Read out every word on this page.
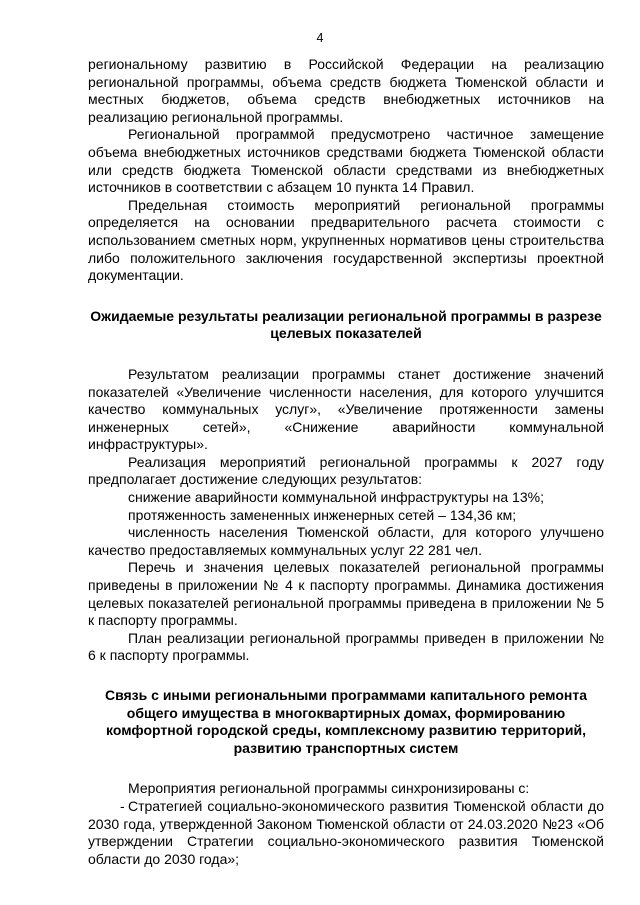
4

региональному развитию в Российской Федерации на реализацию региональной программы, объема средств бюджета Тюменской области и местных бюджетов, объема средств внебюджетных источников на реализацию региональной программы.

Региональной программой предусмотрено частичное замещение объема внебюджетных источников средствами бюджета Тюменской области или средств бюджета Тюменской области средствами из внебюджетных источников в соответствии с абзацем 10 пункта 14 Правил.

Предельная стоимость мероприятий региональной программы определяется на основании предварительного расчета стоимости с использованием сметных норм, укрупненных нормативов цены строительства либо положительного заключения государственной экспертизы проектной документации.

Ожидаемые результаты реализации региональной программы в разрезе целевых показателей

Результатом реализации программы станет достижение значений показателей «Увеличение численности населения, для которого улучшится качество коммунальных услуг», «Увеличение протяженности замены инженерных сетей», «Снижение аварийности коммунальной инфраструктуры».

Реализация мероприятий региональной программы к 2027 году предполагает достижение следующих результатов:

снижение аварийности коммунальной инфраструктуры на 13%;

протяженность замененных инженерных сетей – 134,36 км;

численность населения Тюменской области, для которого улучшено качество предоставляемых коммунальных услуг 22 281 чел.

Перечь и значения целевых показателей региональной программы приведены в приложении № 4 к паспорту программы. Динамика достижения целевых показателей региональной программы приведена в приложении № 5 к паспорту программы.

План реализации региональной программы приведен в приложении № 6 к паспорту программы.

Связь с иными региональными программами капитального ремонта общего имущества в многоквартирных домах, формированию комфортной городской среды, комплексному развитию территорий, развитию транспортных систем

Мероприятия региональной программы синхронизированы с:

- Стратегией социально-экономического развития Тюменской области до 2030 года, утвержденной Законом Тюменской области от 24.03.2020 №23 «Об утверждении Стратегии социально-экономического развития Тюменской области до 2030 года»;
